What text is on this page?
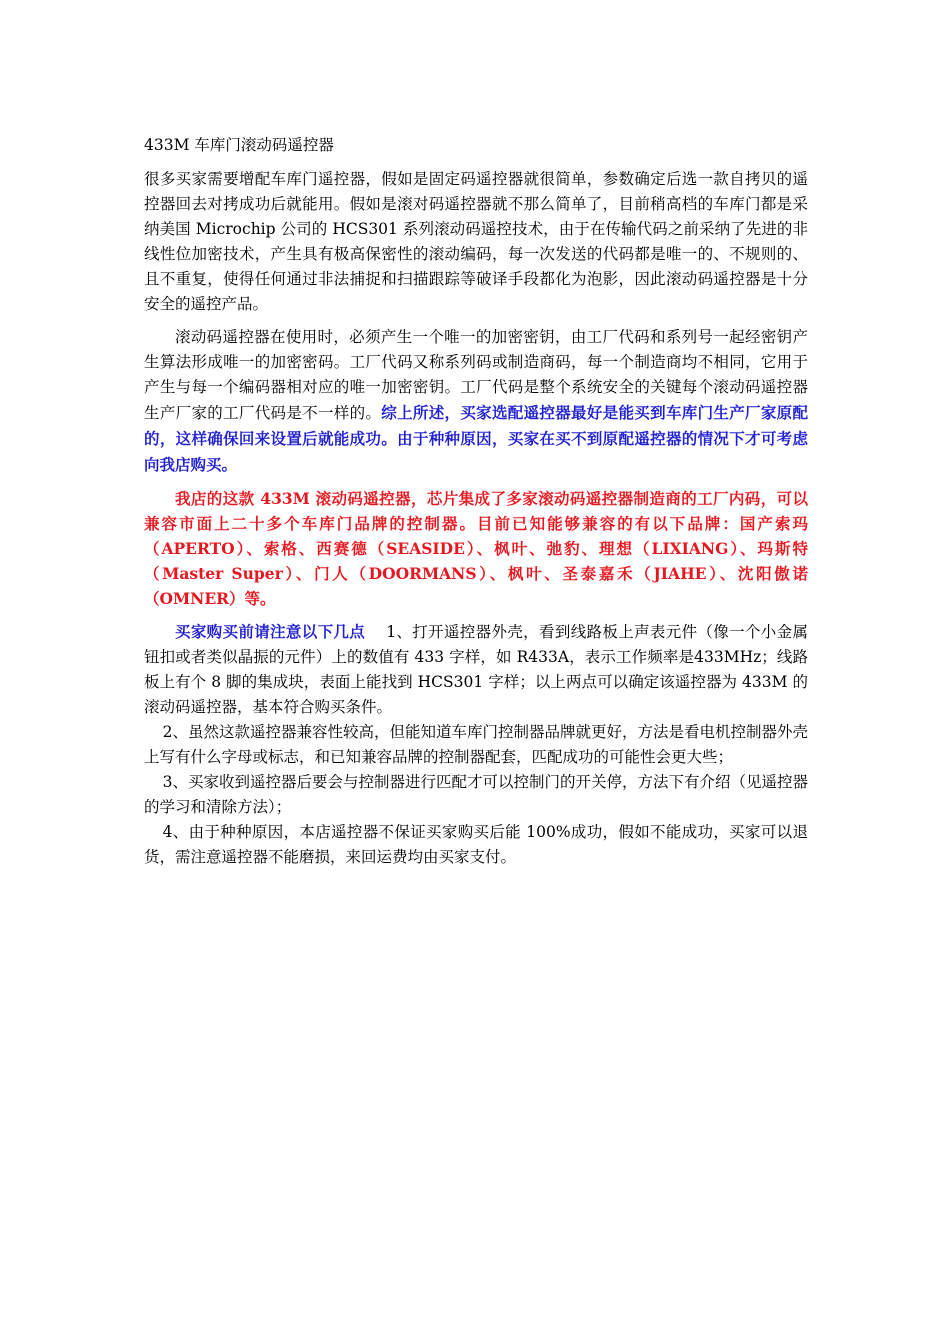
433M 车库门滚动码遥控器

很多买家需要增配车库门遥控器，假如是固定码遥控器就很简单，参数确定后选一款自拷贝的遥控器回去对拷成功后就能用。假如是滚对码遥控器就不那么简单了，目前稍高档的车库门都是采纳美国 Microchip 公司的 HCS301 系列滚动码遥控技术，由于在传输代码之前采纳了先进的非线性位加密技术，产生具有极高保密性的滚动编码，每一次发送的代码都是唯一的、不规则的、且不重复，使得任何通过非法捕捉和扫描跟踪等破译手段都化为泡影，因此滚动码遥控器是十分安全的遥控产品。

滚动码遥控器在使用时，必须产生一个唯一的加密密钥，由工厂代码和系列号一起经密钥产生算法形成唯一的加密密码。工厂代码又称系列码或制造商码，每一个制造商均不相同，它用于产生与每一个编码器相对应的唯一加密密钥。工厂代码是整个系统安全的关键每个滚动码遥控器生产厂家的工厂代码是不一样的。综上所述，买家选配遥控器最好是能买到车库门生产厂家原配的，这样确保回来设置后就能成功。由于种种原因，买家在买不到原配遥控器的情况下才可考虑向我店购买。

我店的这款 433M 滚动码遥控器，芯片集成了多家滚动码遥控器制造商的工厂内码，可以兼容市面上二十多个车库门品牌的控制器。目前已知能够兼容的有以下品牌：国产索玛（APERTO）、索格、西赛德（SEASIDE）、枫叶、弛豹、理想（LIXIANG）、玛斯特（Master Super）、门人（DOORMANS）、枫叶、圣泰嘉禾（JIAHE）、沈阳傲诺（OMNER）等。

买家购买前请注意以下几点 1、打开遥控器外壳，看到线路板上声表元件（像一个小金属钮扣或者类似晶振的元件）上的数值有 433 字样，如 R433A，表示工作频率是433MHz；线路板上有个 8 脚的集成块，表面上能找到 HCS301 字样；以上两点可以确定该遥控器为 433M 的滚动码遥控器，基本符合购买条件。

2、虽然这款遥控器兼容性较高，但能知道车库门控制器品牌就更好，方法是看电机控制器外壳上写有什么字母或标志，和已知兼容品牌的控制器配套，匹配成功的可能性会更大些；

3、买家收到遥控器后要会与控制器进行匹配才可以控制门的开关停，方法下有介绍（见遥控器的学习和清除方法）；

4、由于种种原因，本店遥控器不保证买家购买后能 100%成功，假如不能成功，买家可以退货，需注意遥控器不能磨损，来回运费均由买家支付。
